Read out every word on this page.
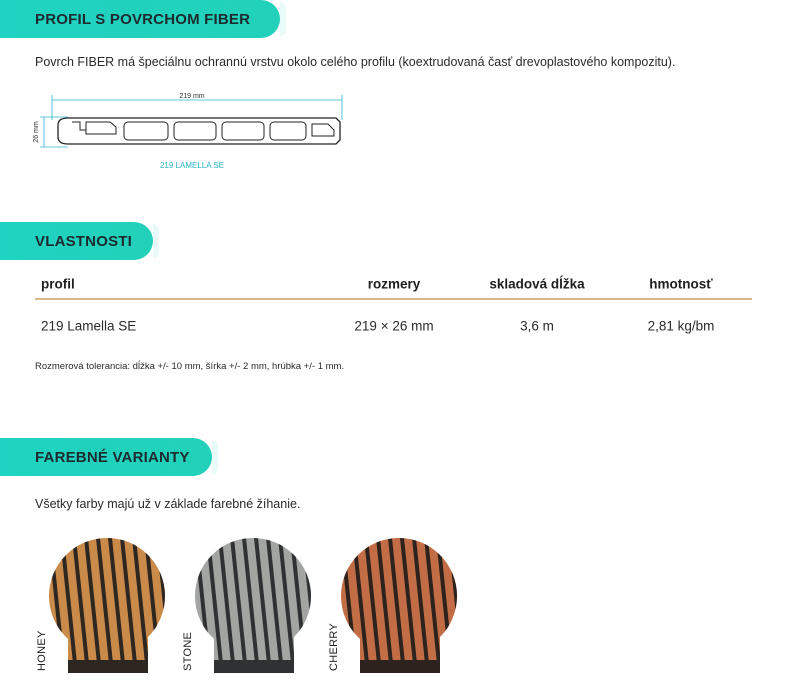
PROFIL S POVRCHOM FIBER
Povrch FIBER má špeciálnu ochrannú vrstvu okolo celého profilu (koextrudovaná časť drevoplastového kompozitu).
219 mm
26 mm
219 LAMELLA SE
VLASTNOSTI
profil	rozmery	skladová dĺžka	hmotnosť
219 Lamella SE	219 × 26 mm	3,6 m	2,81 kg/bm
Rozmerová tolerancia: dĺžka +/- 10 mm, šírka +/- 2 mm, hrúbka +/- 1 mm.
FAREBNÉ VARIANTY
Všetky farby majú už v základe farebné žíhanie.
HONEY	STONE	CHERRY
